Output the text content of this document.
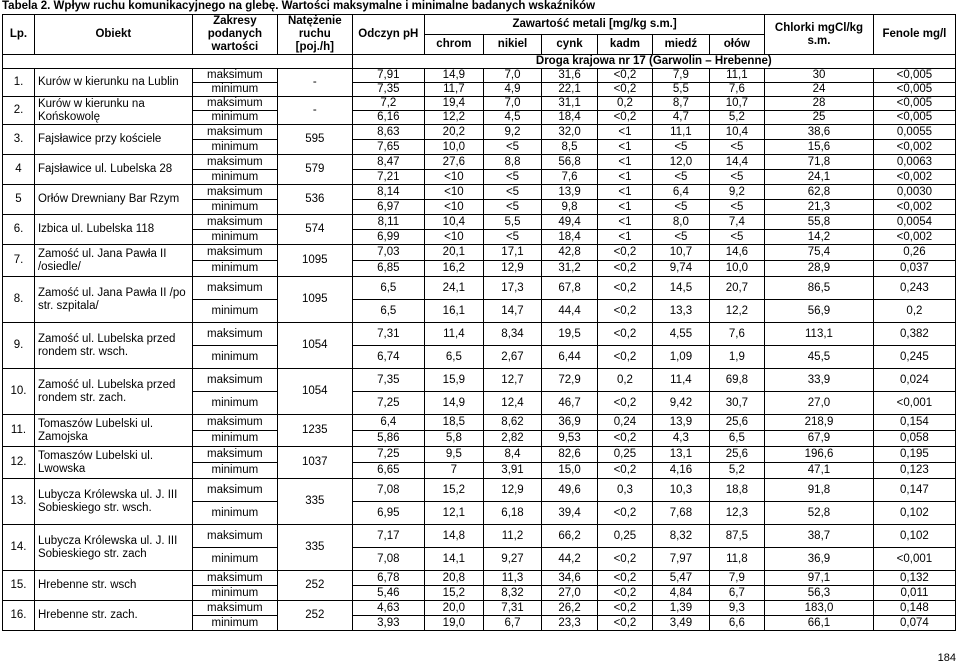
Tabela 2. Wpływ ruchu komunikacyjnego na glebę. Wartości maksymalne i minimalne badanych wskaźników
Lp.	Obiekt	Zakresy podanych wartości	Natężenie ruchu [poj./h]	Odczyn pH	Zawartość metali [mg/kg s.m.]						Chlorki mgCl/kg s.m.	Fenole mg/l
					chrom	nikiel	cynk	kadm	miedź	ołów		
				Droga krajowa nr 17 (Garwolin – Hrebenne)								
1.	Kurów w kierunku na Lublin	maksimum	-	7,91	14,9	7,0	31,6	<0,2	7,9	11,1	30	<0,005
		minimum		7,35	11,7	4,9	22,1	<0,2	5,5	7,6	24	<0,005
2.	Kurów w kierunku na Końskowolę	maksimum	-	7,2	19,4	7,0	31,1	0,2	8,7	10,7	28	<0,005
		minimum		6,16	12,2	4,5	18,4	<0,2	4,7	5,2	25	<0,005
3.	Fajsławice przy kościele	maksimum	595	8,63	20,2	9,2	32,0	<1	11,1	10,4	38,6	0,0055
		minimum		7,65	10,0	<5	8,5	<1	<5	<5	15,6	<0,002
4	Fajsławice ul. Lubelska 28	maksimum	579	8,47	27,6	8,8	56,8	<1	12,0	14,4	71,8	0,0063
		minimum		7,21	<10	<5	7,6	<1	<5	<5	24,1	<0,002
5	Orłów Drewniany Bar Rzym	maksimum	536	8,14	<10	<5	13,9	<1	6,4	9,2	62,8	0,0030
		minimum		6,97	<10	<5	9,8	<1	<5	<5	21,3	<0,002
6.	Izbica ul. Lubelska 118	maksimum	574	8,11	10,4	5,5	49,4	<1	8,0	7,4	55,8	0,0054
		minimum		6,99	<10	<5	18,4	<1	<5	<5	14,2	<0,002
7.	Zamość ul. Jana Pawła II /osiedle/	maksimum	1095	7,03	20,1	17,1	42,8	<0,2	10,7	14,6	75,4	0,26
		minimum		6,85	16,2	12,9	31,2	<0,2	9,74	10,0	28,9	0,037
8.	Zamość ul. Jana Pawła II /po str. szpitala/	maksimum	1095	6,5	24,1	17,3	67,8	<0,2	14,5	20,7	86,5	0,243
		minimum		6,5	16,1	14,7	44,4	<0,2	13,3	12,2	56,9	0,2
9.	Zamość ul. Lubelska przed rondem str. wsch.	maksimum	1054	7,31	11,4	8,34	19,5	<0,2	4,55	7,6	113,1	0,382
		minimum		6,74	6,5	2,67	6,44	<0,2	1,09	1,9	45,5	0,245
10.	Zamość ul. Lubelska przed rondem str. zach.	maksimum	1054	7,35	15,9	12,7	72,9	0,2	11,4	69,8	33,9	0,024
		minimum		7,25	14,9	12,4	46,7	<0,2	9,42	30,7	27,0	<0,001
11.	Tomaszów Lubelski ul. Zamojska	maksimum	1235	6,4	18,5	8,62	36,9	0,24	13,9	25,6	218,9	0,154
		minimum		5,86	5,8	2,82	9,53	<0,2	4,3	6,5	67,9	0,058
12.	Tomaszów Lubelski ul. Lwowska	maksimum	1037	7,25	9,5	8,4	82,6	0,25	13,1	25,6	196,6	0,195
		minimum		6,65	7	3,91	15,0	<0,2	4,16	5,2	47,1	0,123
13.	Lubycza Królewska ul. J. III Sobieskiego str. wsch.	maksimum	335	7,08	15,2	12,9	49,6	0,3	10,3	18,8	91,8	0,147
		minimum		6,95	12,1	6,18	39,4	<0,2	7,68	12,3	52,8	0,102
14.	Lubycza Królewska ul. J. III Sobieskiego str. zach	maksimum	335	7,17	14,8	11,2	66,2	0,25	8,32	87,5	38,7	0,102
		minimum		7,08	14,1	9,27	44,2	<0,2	7,97	11,8	36,9	<0,001
15.	Hrebenne str. wsch	maksimum	252	6,78	20,8	11,3	34,6	<0,2	5,47	7,9	97,1	0,132
		minimum		5,46	15,2	8,32	27,0	<0,2	4,84	6,7	56,3	0,011
16.	Hrebenne str. zach.	maksimum	252	4,63	20,0	7,31	26,2	<0,2	1,39	9,3	183,0	0,148
		minimum		3,93	19,0	6,7	23,3	<0,2	3,49	6,6	66,1	0,074
184
